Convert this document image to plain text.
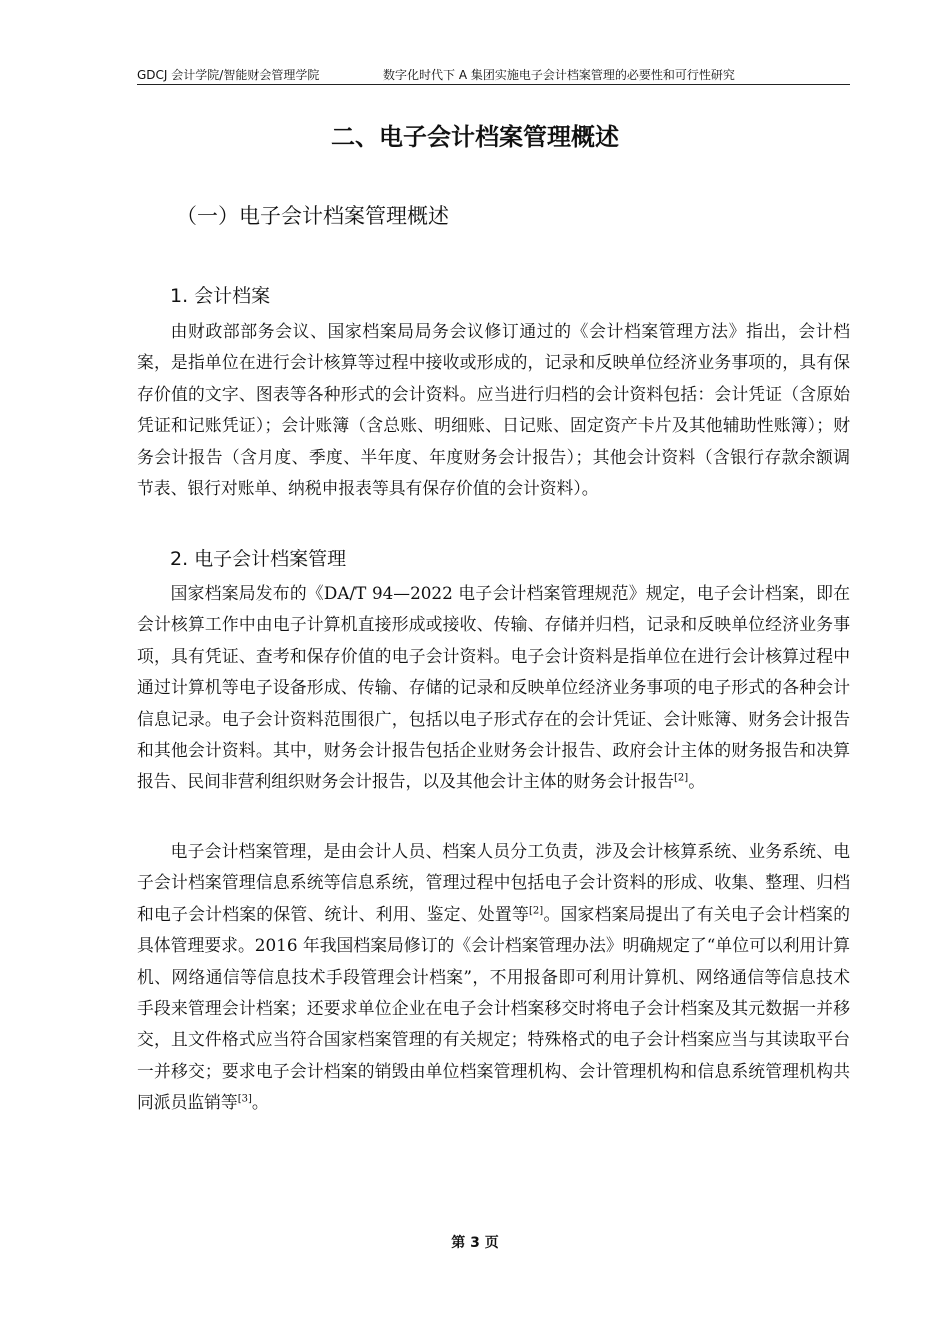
GDCJ 会计学院/智能财会管理学院	数字化时代下 A 集团实施电子会计档案管理的必要性和可行性研究
二、电子会计档案管理概述
（一）电子会计档案管理概述
1. 会计档案

由财政部部务会议、国家档案局局务会议修订通过的《会计档案管理方法》指出，会计档案，是指单位在进行会计核算等过程中接收或形成的，记录和反映单位经济业务事项的，具有保存价值的文字、图表等各种形式的会计资料。应当进行归档的会计资料包括：会计凭证（含原始凭证和记账凭证）；会计账簿（含总账、明细账、日记账、固定资产卡片及其他辅助性账簿）；财务会计报告（含月度、季度、半年度、年度财务会计报告）；其他会计资料（含银行存款余额调节表、银行对账单、纳税申报表等具有保存价值的会计资料）。

2. 电子会计档案管理

国家档案局发布的《DA/T 94—2022 电子会计档案管理规范》规定，电子会计档案，即在会计核算工作中由电子计算机直接形成或接收、传输、存储并归档，记录和反映单位经济业务事项，具有凭证、查考和保存价值的电子会计资料。电子会计资料是指单位在进行会计核算过程中通过计算机等电子设备形成、传输、存储的记录和反映单位经济业务事项的电子形式的各种会计信息记录。电子会计资料范围很广，包括以电子形式存在的会计凭证、会计账簿、财务会计报告和其他会计资料。其中，财务会计报告包括企业财务会计报告、政府会计主体的财务报告和决算报告、民间非营利组织财务会计报告，以及其他会计主体的财务会计报告[2]。

电子会计档案管理，是由会计人员、档案人员分工负责，涉及会计核算系统、业务系统、电子会计档案管理信息系统等信息系统，管理过程中包括电子会计资料的形成、收集、整理、归档和电子会计档案的保管、统计、利用、鉴定、处置等[2]。国家档案局提出了有关电子会计档案的具体管理要求。2016 年我国档案局修订的《会计档案管理办法》明确规定了“单位可以利用计算机、网络通信等信息技术手段管理会计档案”，不用报备即可利用计算机、网络通信等信息技术手段来管理会计档案；还要求单位企业在电子会计档案移交时将电子会计档案及其元数据一并移交，且文件格式应当符合国家档案管理的有关规定；特殊格式的电子会计档案应当与其读取平台一并移交；要求电子会计档案的销毁由单位档案管理机构、会计管理机构和信息系统管理机构共同派员监销等[3]。

第 3 页
